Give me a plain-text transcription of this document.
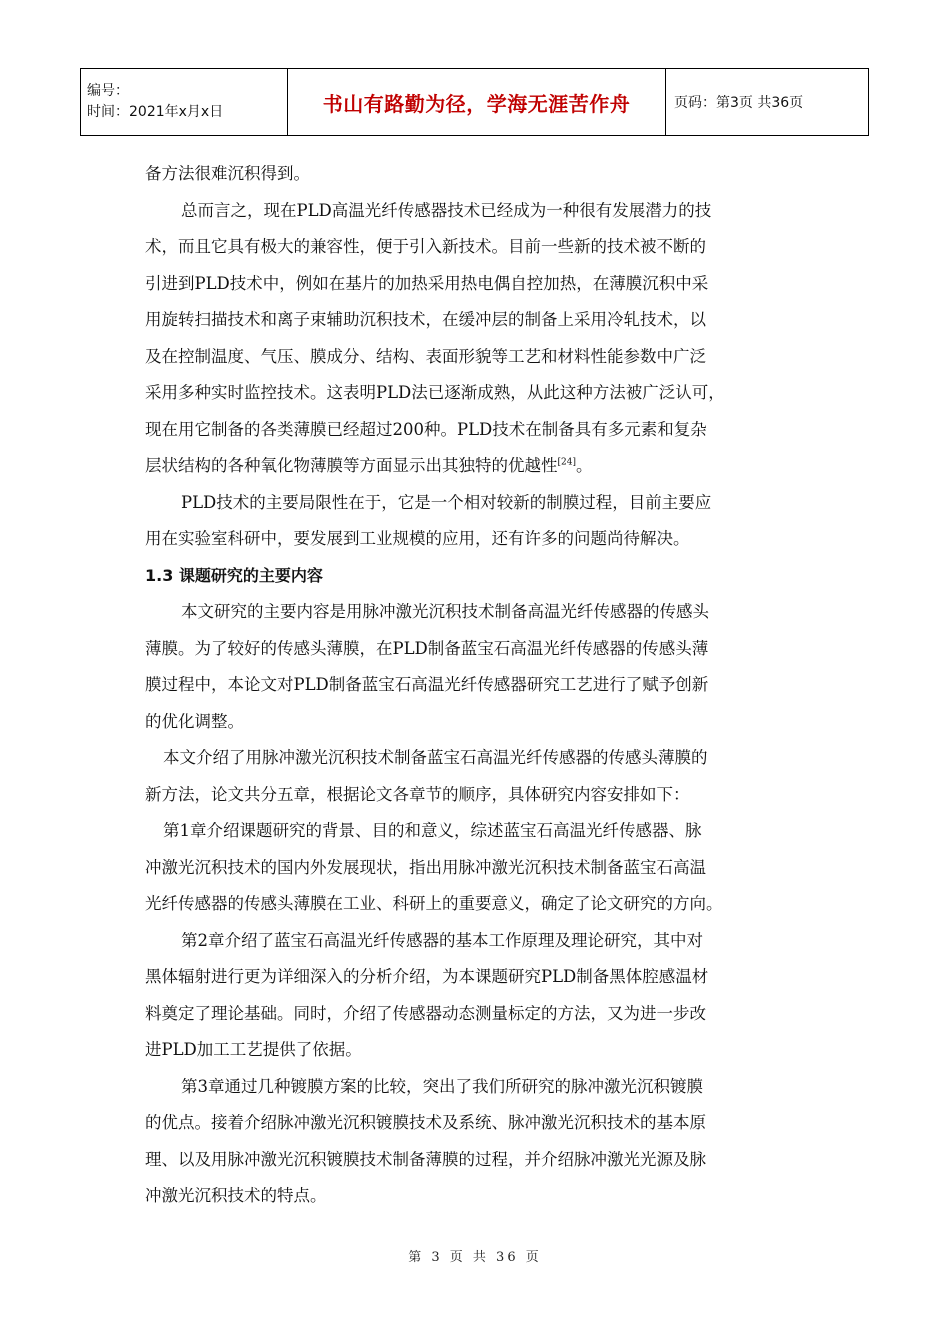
编号：
时间：2021年x月x日	书山有路勤为径，学海无涯苦作舟	页码：第3页 共36页
备方法很难沉积得到。
总而言之，现在PLD高温光纤传感器技术已经成为一种很有发展潜力的技
术，而且它具有极大的兼容性，便于引入新技术。目前一些新的技术被不断的
引进到PLD技术中，例如在基片的加热采用热电偶自控加热，在薄膜沉积中采
用旋转扫描技术和离子束辅助沉积技术，在缓冲层的制备上采用冷轧技术，以
及在控制温度、气压、膜成分、结构、表面形貌等工艺和材料性能参数中广泛
采用多种实时监控技术。这表明PLD法已逐渐成熟，从此这种方法被广泛认可，
现在用它制备的各类薄膜已经超过200种。PLD技术在制备具有多元素和复杂
层状结构的各种氧化物薄膜等方面显示出其独特的优越性[24]。
PLD技术的主要局限性在于，它是一个相对较新的制膜过程，目前主要应
用在实验室科研中，要发展到工业规模的应用，还有许多的问题尚待解决。
1.3 课题研究的主要内容
本文研究的主要内容是用脉冲激光沉积技术制备高温光纤传感器的传感头
薄膜。为了较好的传感头薄膜，在PLD制备蓝宝石高温光纤传感器的传感头薄
膜过程中，本论文对PLD制备蓝宝石高温光纤传感器研究工艺进行了赋予创新
的优化调整。
本文介绍了用脉冲激光沉积技术制备蓝宝石高温光纤传感器的传感头薄膜的
新方法，论文共分五章，根据论文各章节的顺序，具体研究内容安排如下：
第1章介绍课题研究的背景、目的和意义，综述蓝宝石高温光纤传感器、脉
冲激光沉积技术的国内外发展现状，指出用脉冲激光沉积技术制备蓝宝石高温
光纤传感器的传感头薄膜在工业、科研上的重要意义，确定了论文研究的方向。
第2章介绍了蓝宝石高温光纤传感器的基本工作原理及理论研究，其中对
黑体辐射进行更为详细深入的分析介绍，为本课题研究PLD制备黑体腔感温材
料奠定了理论基础。同时，介绍了传感器动态测量标定的方法，又为进一步改
进PLD加工工艺提供了依据。
第3章通过几种镀膜方案的比较，突出了我们所研究的脉冲激光沉积镀膜
的优点。接着介绍脉冲激光沉积镀膜技术及系统、脉冲激光沉积技术的基本原
理、以及用脉冲激光沉积镀膜技术制备薄膜的过程，并介绍脉冲激光光源及脉
冲激光沉积技术的特点。
第 3 页 共 36 页
